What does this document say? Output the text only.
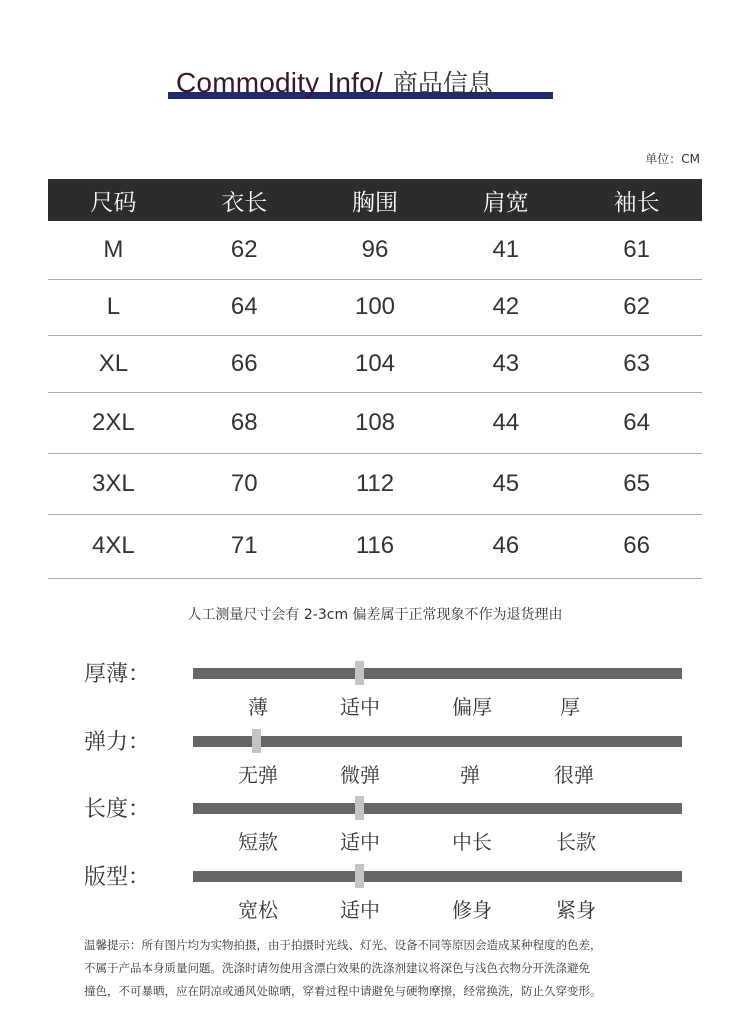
Commodity Info/ 商品信息
单位：CM
尺码	衣长	胸围	肩宽	袖长
M	62	96	41	61
L	64	100	42	62
XL	66	104	43	63
2XL	68	108	44	64
3XL	70	112	45	65
4XL	71	116	46	66
人工测量尺寸会有 2-3cm 偏差属于正常现象不作为退货理由
厚薄：
薄	适中	偏厚	厚
弹力：
无弹	微弹	弹	很弹
长度：
短款	适中	中长	长款
版型：
宽松	适中	修身	紧身
温馨提示：所有图片均为实物拍摄，由于拍摄时光线、灯光、设备不同等原因会造成某种程度的色差，
不属于产品本身质量问题。洗涤时请勿使用含漂白效果的洗涤剂建议将深色与浅色衣物分开洗涤避免
撞色，不可暴晒，应在阴凉或通风处晾晒，穿着过程中请避免与硬物摩擦，经常换洗，防止久穿变形。
